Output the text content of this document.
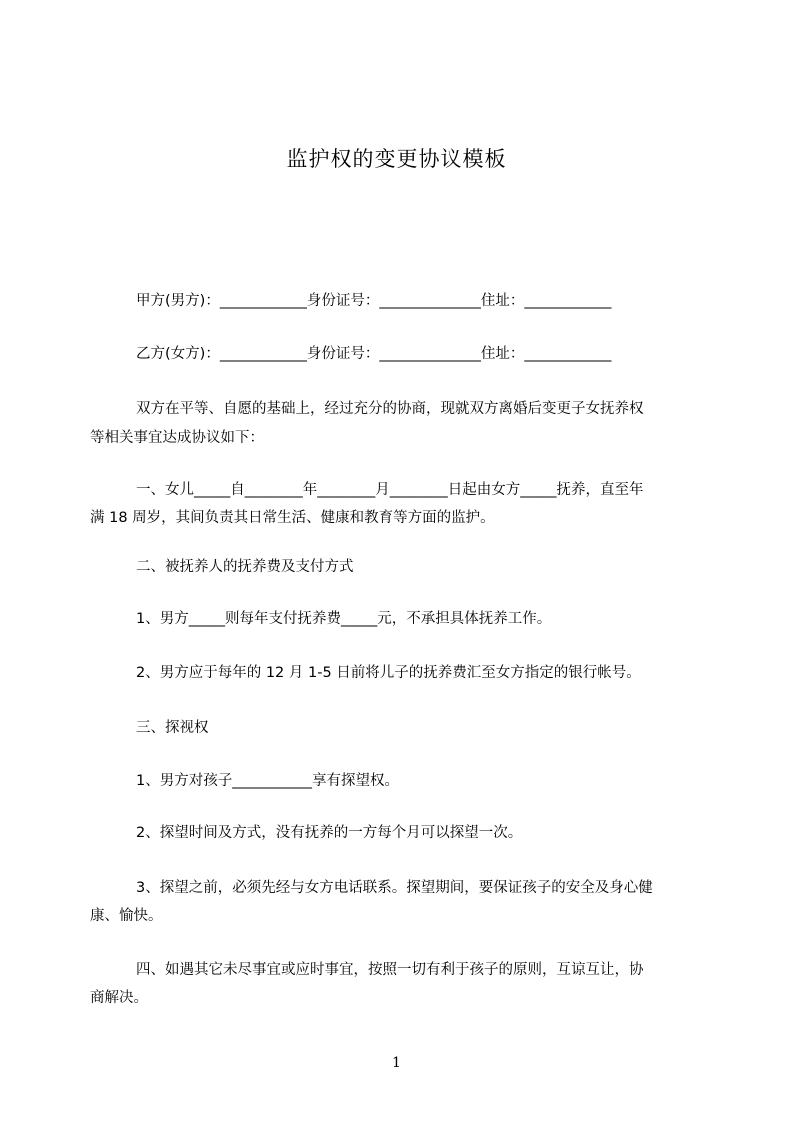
监护权的变更协议模板

甲方(男方)：____________身份证号：______________住址：____________

乙方(女方)：____________身份证号：______________住址：____________

双方在平等、自愿的基础上，经过充分的协商，现就双方离婚后变更子女抚养权

等相关事宜达成协议如下：

一、女儿_____自________年________月________日起由女方_____抚养，直至年

满 18 周岁，其间负责其日常生活、健康和教育等方面的监护。

二、被抚养人的抚养费及支付方式

1、男方_____则每年支付抚养费_____元，不承担具体抚养工作。

2、男方应于每年的 12 月 1-5 日前将儿子的抚养费汇至女方指定的银行帐号。

三、探视权

1、男方对孩子___________享有探望权。

2、探望时间及方式，没有抚养的一方每个月可以探望一次。

3、探望之前，必须先经与女方电话联系。探望期间，要保证孩子的安全及身心健

康、愉快。

四、如遇其它未尽事宜或应时事宜，按照一切有利于孩子的原则，互谅互让，协

商解决。

1
